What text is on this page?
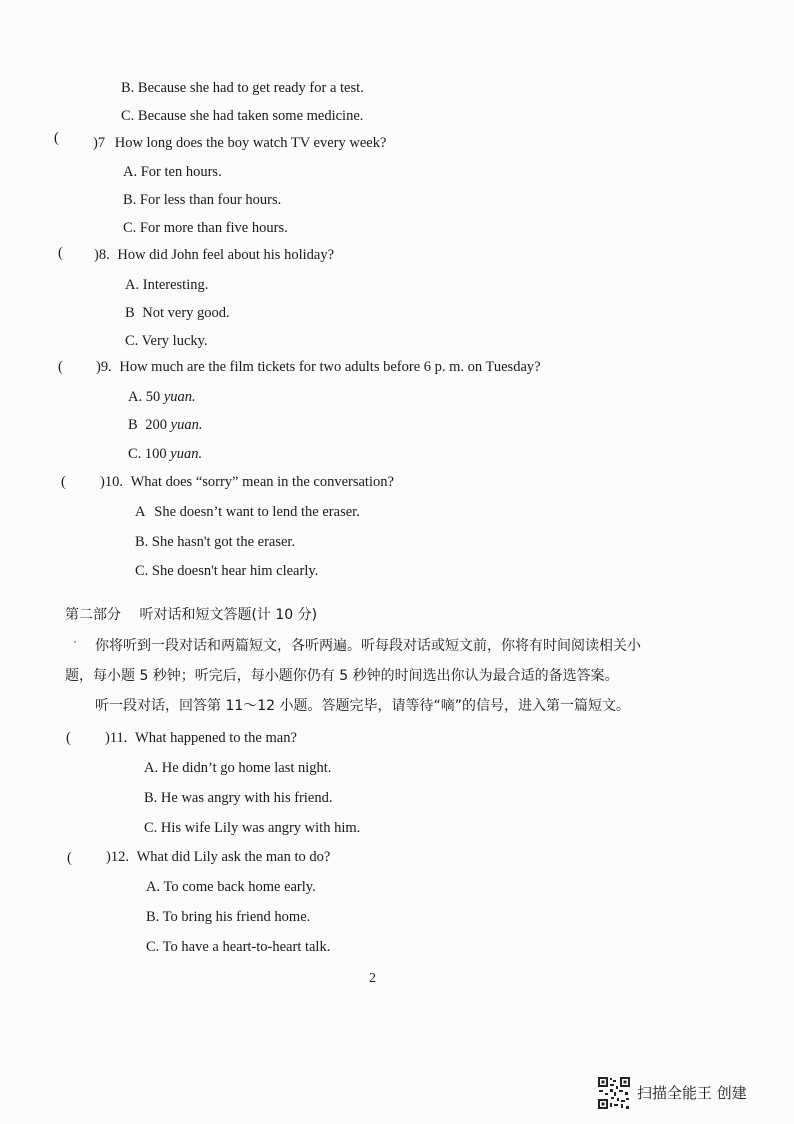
B. Because she had to get ready for a test.
C. Because she had taken some medicine.
( )7 How long does the boy watch TV every week?
A. For ten hours.
B. For less than four hours.
C. For more than five hours.
( )8. How did John feel about his holiday?
A. Interesting.
B Not very good.
C. Very lucky.
( )9. How much are the film tickets for two adults before 6 p. m. on Tuesday?
A. 50 yuan.
B 200 yuan.
C. 100 yuan.
( )10. What does “sorry” mean in the conversation?
A She doesn’t want to lend the eraser.
B. She hasn't got the eraser.
C. She doesn't hear him clearly.
第二部分 听对话和短文答题(计 10 分)
你将听到一段对话和两篇短文，各听两遍。听每段对话或短文前，你将有时间阅读相关小
题，每小题 5 秒钟；听完后，每小题你仍有 5 秒钟的时间选出你认为最合适的备选答案。
听一段对话，回答第 11～12 小题。答题完毕，请等待“嘀”的信号，进入第一篇短文。
( )11. What happened to the man?
A. He didn’t go home last night.
B. He was angry with his friend.
C. His wife Lily was angry with him.
( )12. What did Lily ask the man to do?
A. To come back home early.
B. To bring his friend home.
C. To have a heart-to-heart talk.
2
扫描全能王 创建
